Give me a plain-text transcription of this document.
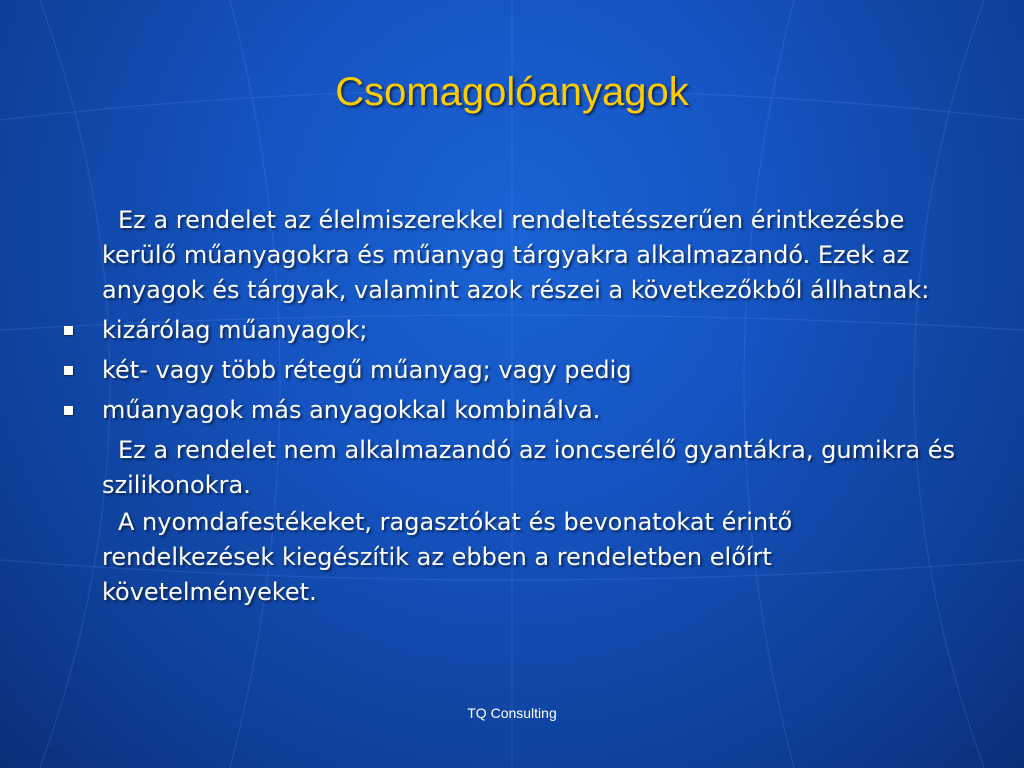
Csomagolóanyagok

Ez a rendelet az élelmiszerekkel rendeltetésszerűen érintkezésbe kerülő műanyagokra és műanyag tárgyakra alkalmazandó. Ezek az anyagok és tárgyak, valamint azok részei a következőkből állhatnak:

kizárólag műanyagok;
két- vagy több rétegű műanyag; vagy pedig
műanyagok más anyagokkal kombinálva.

Ez a rendelet nem alkalmazandó az ioncserélő gyantákra, gumikra és szilikonokra.

A nyomdafestékeket, ragasztókat és bevonatokat érintő rendelkezések kiegészítik az ebben a rendeletben előírt követelményeket.

TQ Consulting
